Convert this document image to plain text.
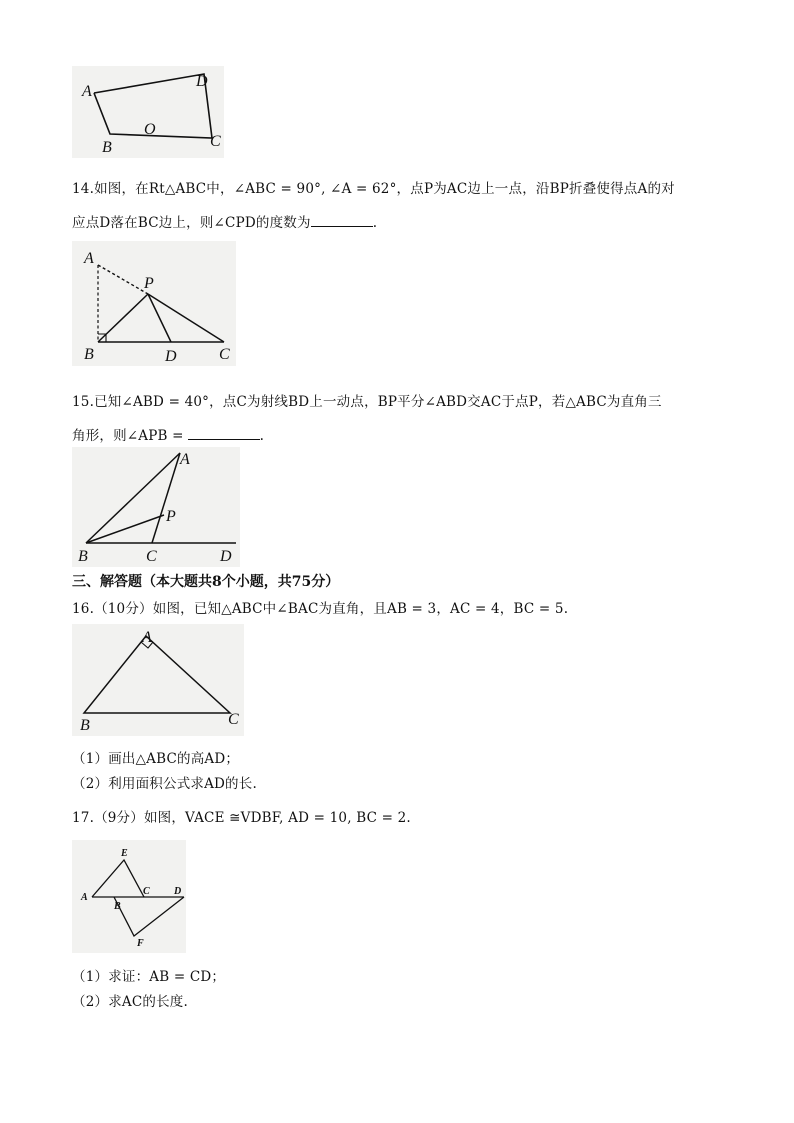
A
B
O
D
C
14.如图，在Rt△ABC中，∠ABC = 90°, ∠A = 62°，点P为AC边上一点，沿BP折叠使得点A的对
应点D落在BC边上，则∠CPD的度数为	.
A
P
B	D	C
15.已知∠ABD = 40°，点C为射线BD上一动点，BP平分∠ABD交AC于点P，若△ABC为直角三
角形，则∠APB =	.
A
P
B	C	D
三、解答题（本大题共8个小题，共75分）
16.（10分）如图，已知△ABC中∠BAC为直角，且AB = 3，AC = 4，BC = 5.
A
B	C
（1）画出△ABC的高AD；
（2）利用面积公式求AD的长.
17.（9分）如图，VACE ≅VDBF, AD = 10, BC = 2.
E
A
B
C D
F
（1）求证：AB = CD；
（2）求AC的长度.
